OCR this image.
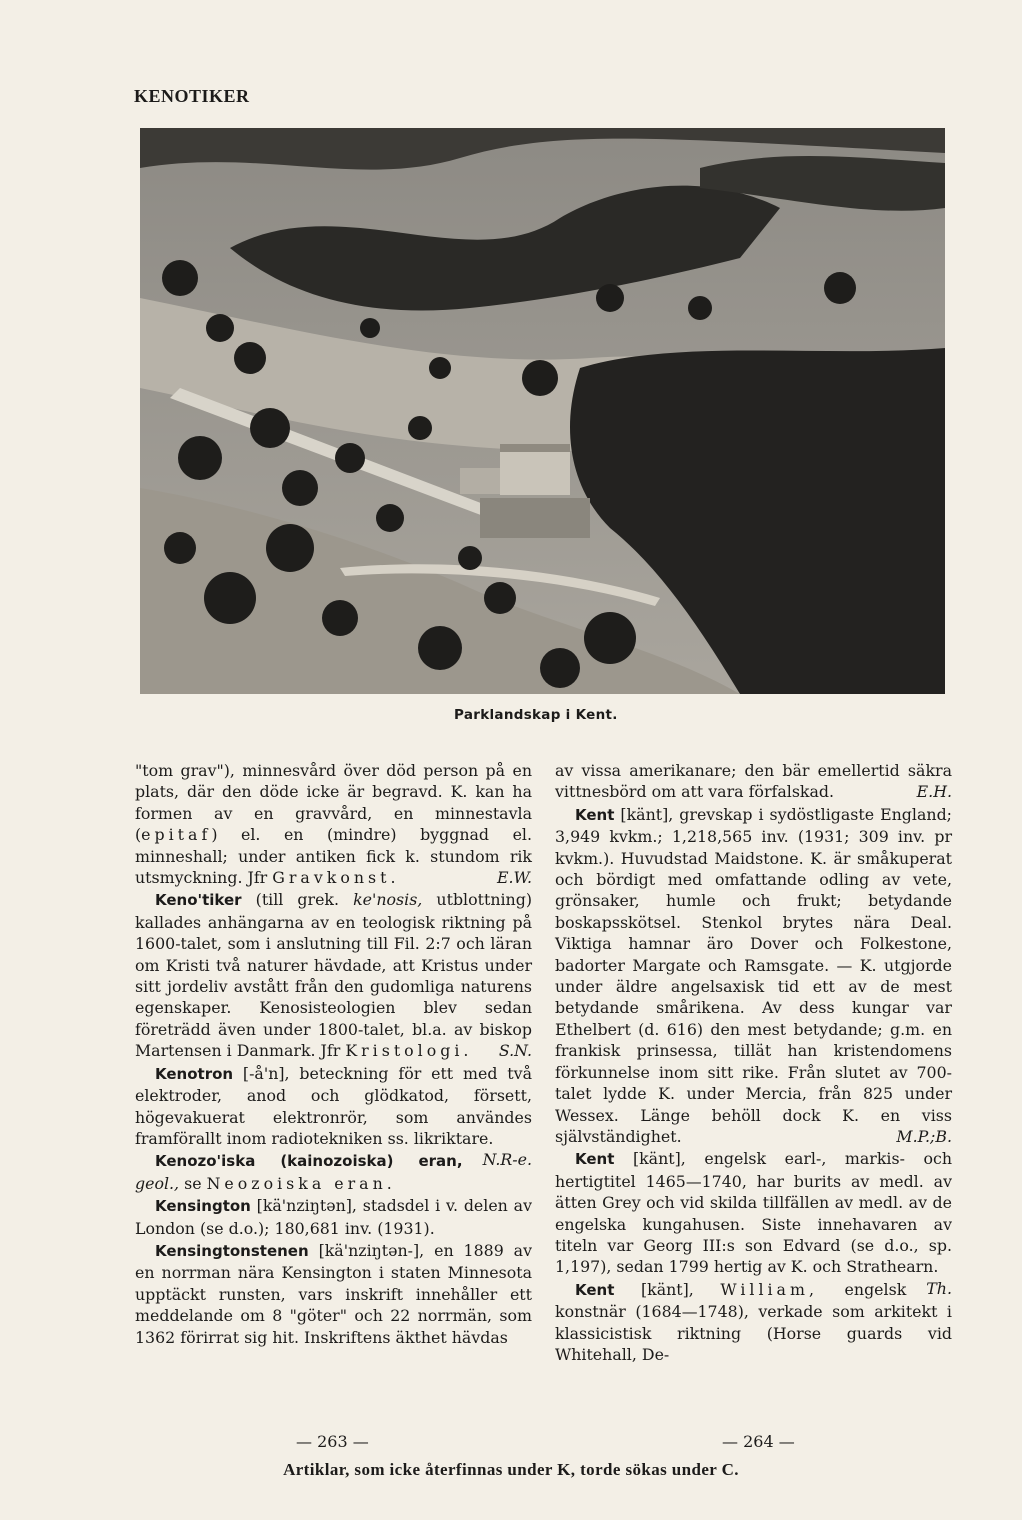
KENOTIKER
Parklandskap i Kent.

"tom grav"), minnesvård över död person på en plats, där den döde icke är begravd. K. kan ha formen av en gravvård, en minnestavla (epitaf) el. en (mindre) byggnad el. minneshall; under antiken fick k. stundom rik utsmyckning. Jfr Gravkonst.	E.W.

Keno'tiker (till grek. ke'nosis, utblottning) kallades anhängarna av en teologisk riktning på 1600-talet, som i anslutning till Fil. 2:7 och läran om Kristi två naturer hävdade, att Kristus under sitt jordeliv avstått från den gudomliga naturens egenskaper. Kenosisteologien blev sedan företrädd även under 1800-talet, bl.a. av biskop Martensen i Danmark. Jfr Kristologi.	S.N.

Kenotron [-å'n], beteckning för ett med två elektroder, anod och glödkatod, försett, högevakuerat elektronrör, som användes framförallt inom radiotekniken ss. likriktare.
N.R-e.

Kenozo'iska (kainozoiska) eran, geol., se Neozoiska eran.

Kensington [kä'nziŋtən], stadsdel i v. delen av London (se d.o.); 180,681 inv. (1931).

Kensingtonstenen [kä'nziŋtən-], en 1889 av en norrman nära Kensington i staten Minnesota upptäckt runsten, vars inskrift innehåller ett meddelande om 8 "göter" och 22 norrmän, som 1362 förirrat sig hit. Inskriftens äkthet hävdas

av vissa amerikanare; den bär emellertid säkra vittnesbörd om att vara förfalskad.	E.H.

Kent [känt], grevskap i sydöstligaste England; 3,949 kvkm.; 1,218,565 inv. (1931; 309 inv. pr kvkm.). Huvudstad Maidstone. K. är småkuperat och bördigt med omfattande odling av vete, grönsaker, humle och frukt; betydande boskapsskötsel. Stenkol brytes nära Deal. Viktiga hamnar äro Dover och Folkestone, badorter Margate och Ramsgate. — K. utgjorde under äldre angelsaxisk tid ett av de mest betydande smårikena. Av dess kungar var Ethelbert (d. 616) den mest betydande; g.m. en frankisk prinsessa, tillät han kristendomens förkunnelse inom sitt rike. Från slutet av 700-talet lydde K. under Mercia, från 825 under Wessex. Länge behöll dock K. en viss självständighet.	M.P.;B.

Kent [känt], engelsk earl-, markis- och hertigtitel 1465—1740, har burits av medl. av ätten Grey och vid skilda tillfällen av medl. av de engelska kungahusen. Siste innehavaren av titeln var Georg III:s son Edvard (se d.o., sp. 1,197), sedan 1799 hertig av K. och Strathearn.
Th.

Kent [känt], William, engelsk konstnär (1684—1748), verkade som arkitekt i klassicistisk riktning (Horse guards vid Whitehall, De-

— 263 —	— 264 —
Artiklar, som icke återfinnas under K, torde sökas under C.
